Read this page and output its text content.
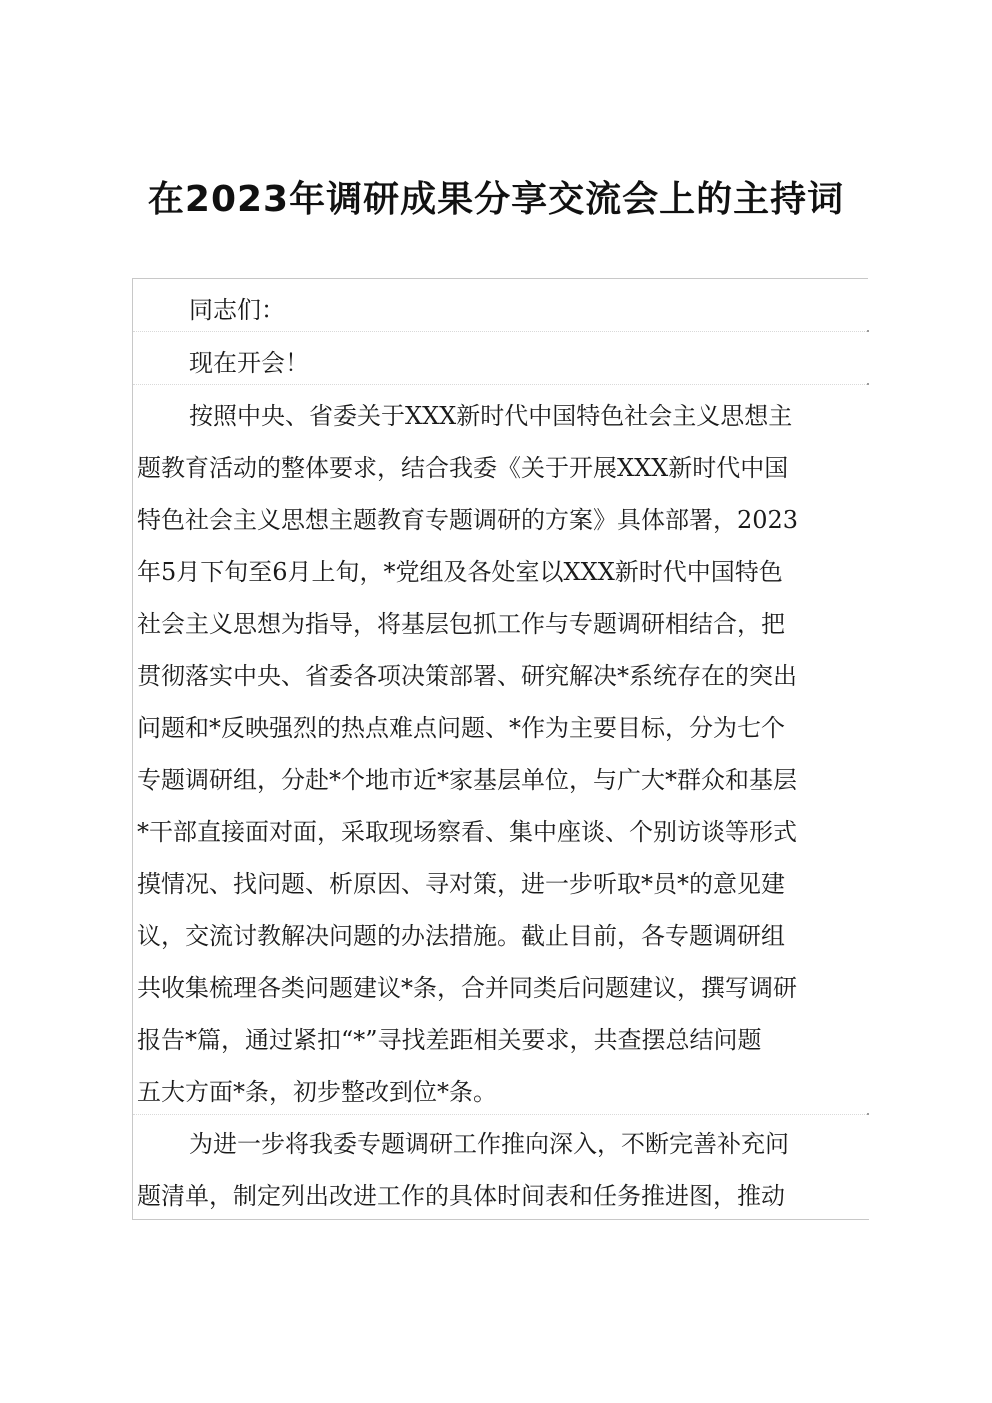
在2023年调研成果分享交流会上的主持词

同志们：

现在开会！

按照中央、省委关于XXX新时代中国特色社会主义思想主
题教育活动的整体要求，结合我委《关于开展XXX新时代中国
特色社会主义思想主题教育专题调研的方案》具体部署，2023
年5月下旬至6月上旬，*党组及各处室以XXX新时代中国特色
社会主义思想为指导，将基层包抓工作与专题调研相结合，把
贯彻落实中央、省委各项决策部署、研究解决*系统存在的突出
问题和*反映强烈的热点难点问题、*作为主要目标，分为七个
专题调研组，分赴*个地市近*家基层单位，与广大*群众和基层
*干部直接面对面，采取现场察看、集中座谈、个别访谈等形式
摸情况、找问题、析原因、寻对策，进一步听取*员*的意见建
议，交流讨教解决问题的办法措施。截止目前，各专题调研组
共收集梳理各类问题建议*条，合并同类后问题建议，撰写调研
报告*篇，通过紧扣“*”寻找差距相关要求，共查摆总结问题
五大方面*条，初步整改到位*条。

为进一步将我委专题调研工作推向深入，不断完善补充问
题清单，制定列出改进工作的具体时间表和任务推进图，推动
